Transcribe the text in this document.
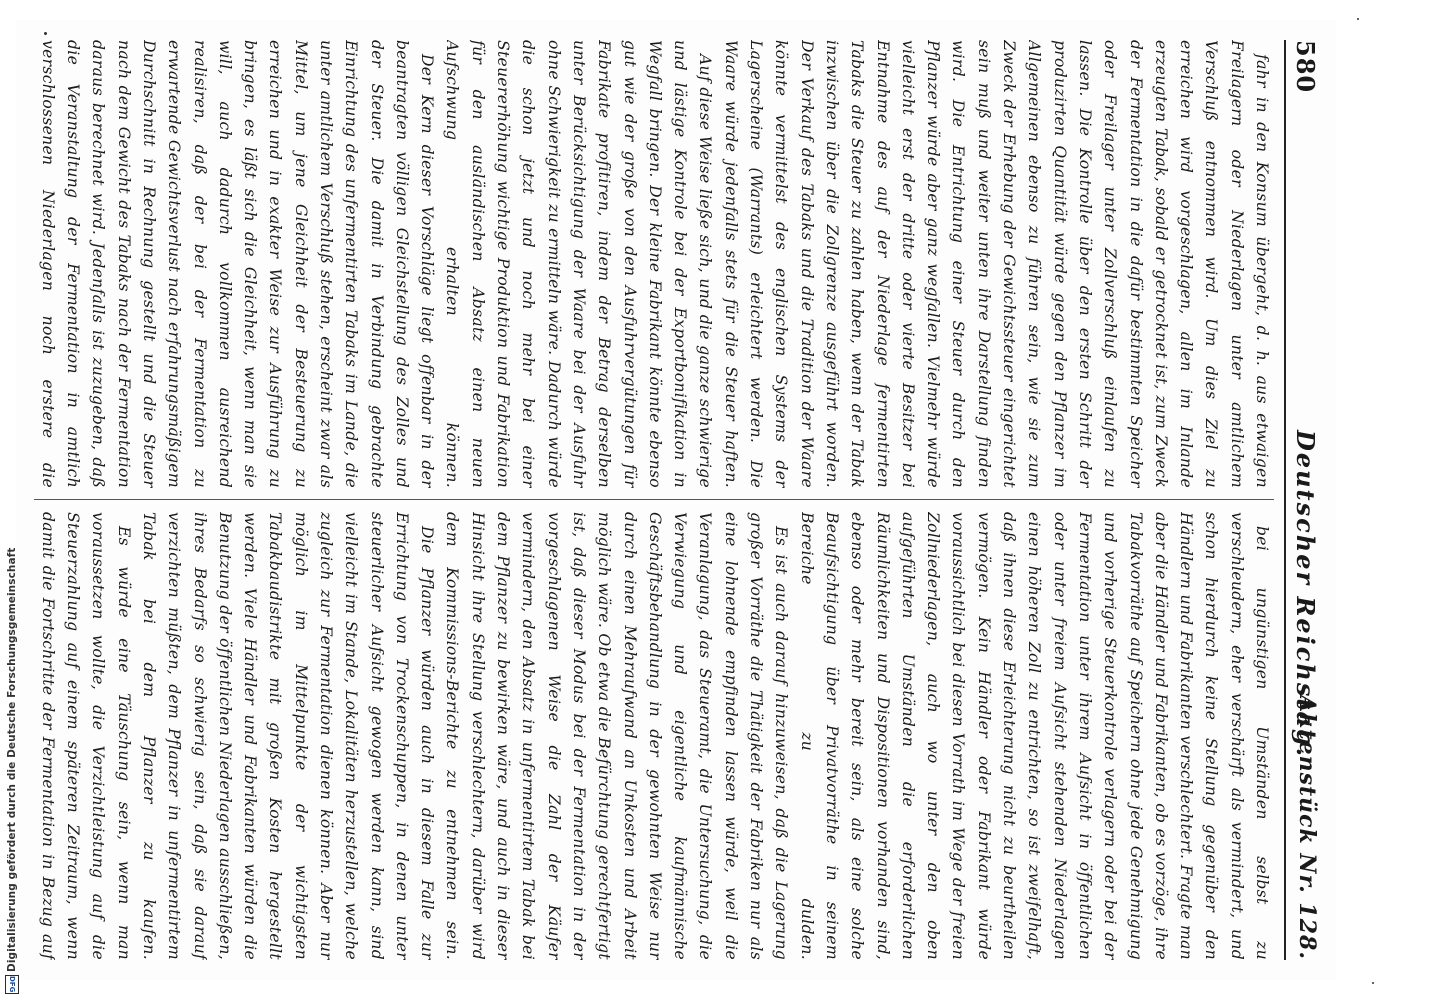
580
Deutscher Reichstag.
Aktenstück Nr. 128.

fahr in den Konsum übergeht, d. h. aus etwaigen Freilagern oder Niederlagen unter amtlichem Verschluß entnommen wird. Um dies Ziel zu erreichen wird vorgeschlagen, allen im Inlande erzeugten Tabak, sobald er getrocknet ist, zum Zweck der Fermentation in die dafür bestimmten Speicher oder Freilager unter Zollverschluß einlaufen zu lassen. Die Kontrolle über den ersten Schritt der produzirten Quantität würde gegen den Pflanzer im Allgemeinen ebenso zu führen sein, wie sie zum Zweck der Erhebung der Gewichtssteuer eingerichtet sein muß und weiter unten ihre Darstellung finden wird. Die Entrichtung einer Steuer durch den Pflanzer würde aber ganz wegfallen. Vielmehr würde vielleicht erst der dritte oder vierte Besitzer bei Entnahme des auf der Niederlage fermentirten Tabaks die Steuer zu zahlen haben, wenn der Tabak inzwischen über die Zollgrenze ausgeführt worden. Der Verkauf des Tabaks und die Tradition der Waare könnte vermittelst des englischen Systems der Lagerscheine (Warrants) erleichtert werden. Die Waare würde jedenfalls stets für die Steuer haften.

Auf diese Weise ließe sich, und die ganze schwierige und lästige Kontrole bei der Exportbonifikation in Wegfall bringen. Der kleine Fabrikant könnte ebenso gut wie der große von den Ausfuhrvergütungen für Fabrikate profitiren, indem der Betrag derselben unter Berücksichtigung der Waare bei der Ausfuhr ohne Schwierigkeit zu ermitteln wäre. Dadurch würde die schon jetzt und noch mehr bei einer Steuererhöhung wichtige Produktion und Fabrikation für den ausländischen Absatz einen neuen Aufschwung erhalten können.

Der Kern dieser Vorschläge liegt offenbar in der beantragten völligen Gleichstellung des Zolles und der Steuer. Die damit in Verbindung gebrachte Einrichtung des unfermentirten Tabaks im Lande, die unter amtlichem Verschluß stehen, erscheint zwar als Mittel, um jene Gleichheit der Besteuerung zu erreichen und in exakter Weise zur Ausführung zu bringen, es läßt sich die Gleichheit, wenn man sie will, auch dadurch vollkommen ausreichend realisiren, daß der bei der Fermentation zu erwartende Gewichtsverlust nach erfahrungsmäßigem Durchschnitt in Rechnung gestellt und die Steuer nach dem Gewicht des Tabaks nach der Fermentation daraus berechnet wird. Jedenfalls ist zuzugeben, daß die Veranstaltung der Fermentation in amtlich verschlossenen Niederlagen noch erstere die

bei ungünstigen Umständen selbst zu verschleudern, eher verschärft als vermindert, und schon hierdurch keine Stellung gegenüber den Händlern und Fabrikanten verschlechtert. Fragte man aber die Händler und Fabrikanten, ob es vorzöge, ihre Tabakvorräthe auf Speichern ohne jede Genehmigung und vorherige Steuerkontrole verlagern oder bei der Fermentation unter ihrem Aufsicht in öffentlichen oder unter freiem Aufsicht stehenden Niederlagen einen höheren Zoll zu entrichten, so ist zweifelhaft, daß ihnen diese Erleichterung nicht zu beurtheilen vermögen. Kein Händler oder Fabrikant würde voraussichtlich bei diesen Vorrath im Wege der freien Zollniederlagen, auch wo unter den oben aufgeführten Umständen die erforderlichen Räumlichkeiten und Dispositionen vorhanden sind, ebenso oder mehr bereit sein, als eine solche Beaufsichtigung über Privatvorräthe in seinem Bereiche zu dulden.

Es ist auch darauf hinzuweisen, daß die Lagerung großer Vorräthe die Thätigkeit der Fabriken nur als eine lohnende empfinden lassen würde, weil die Veranlagung, das Steueramt, die Untersuchung, die Verwiegung und eigentliche kaufmännische Geschäftsbehandlung in der gewohnten Weise nur durch einen Mehraufwand an Unkosten und Arbeit möglich wäre. Ob etwa die Befürchtung gerechtfertigt ist, daß dieser Modus bei der Fermentation in der vorgeschlagenen Weise die Zahl der Käufer vermindern, den Absatz in unfermentirtem Tabak bei dem Pflanzer zu bewirken wäre, und auch in dieser Hinsicht ihre Stellung verschlechtern, darüber wird dem Kommissions-Berichte zu entnehmen sein.

Die Pflanzer würden auch in diesem Falle zur Errichtung von Trockenschuppen, in denen unter steuerlicher Aufsicht gewogen werden kann, sind vielleicht im Stande, Lokalitäten herzustellen, welche zugleich zur Fermentation dienen können. Aber nur möglich im Mittelpunkte der wichtigsten Tabakbaudistrikte mit großen Kosten hergestellt werden. Viele Händler und Fabrikanten würden die Benutzung der öffentlichen Niederlagen ausschließen, ihres Bedarfs so schwierig sein, daß sie darauf verzichten müßten, dem Pflanzer in unfermentirtem Tabak bei dem Pflanzer zu kaufen.

Es würde eine Täuschung sein, wenn man voraussetzen wollte, die Verzichtleistung auf die Steuerzahlung auf einem späteren Zeitraum, wenn damit die Fortschritte der Fermentation in Bezug auf

Digitalisierung gefördert durch die Deutsche Forschungsgemeinschaft
DFG
